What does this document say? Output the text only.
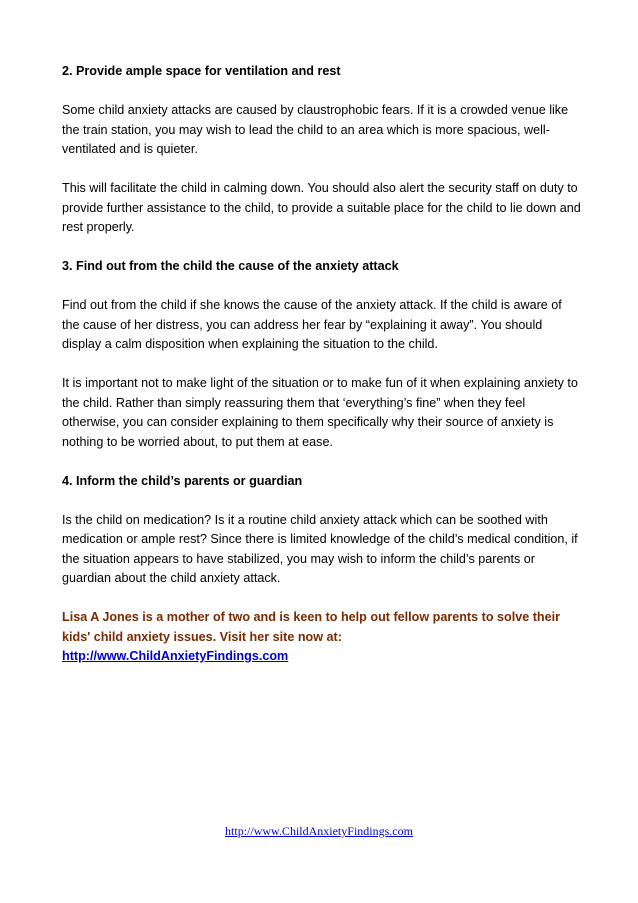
2. Provide ample space for ventilation and rest

Some child anxiety attacks are caused by claustrophobic fears. If it is a crowded venue like the train station, you may wish to lead the child to an area which is more spacious, well-ventilated and is quieter.

This will facilitate the child in calming down. You should also alert the security staff on duty to provide further assistance to the child, to provide a suitable place for the child to lie down and rest properly.

3. Find out from the child the cause of the anxiety attack

Find out from the child if she knows the cause of the anxiety attack. If the child is aware of the cause of her distress, you can address her fear by “explaining it away”. You should display a calm disposition when explaining the situation to the child.

It is important not to make light of the situation or to make fun of it when explaining anxiety to the child. Rather than simply reassuring them that ‘everything’s fine” when they feel otherwise, you can consider explaining to them specifically why their source of anxiety is nothing to be worried about, to put them at ease.

4. Inform the child’s parents or guardian

Is the child on medication? Is it a routine child anxiety attack which can be soothed with medication or ample rest? Since there is limited knowledge of the child’s medical condition, if the situation appears to have stabilized, you may wish to inform the child’s parents or guardian about the child anxiety attack.

Lisa A Jones is a mother of two and is keen to help out fellow parents to solve their kids' child anxiety issues. Visit her site now at:

http://www.ChildAnxietyFindings.com
http://www.ChildAnxietyFindings.com
